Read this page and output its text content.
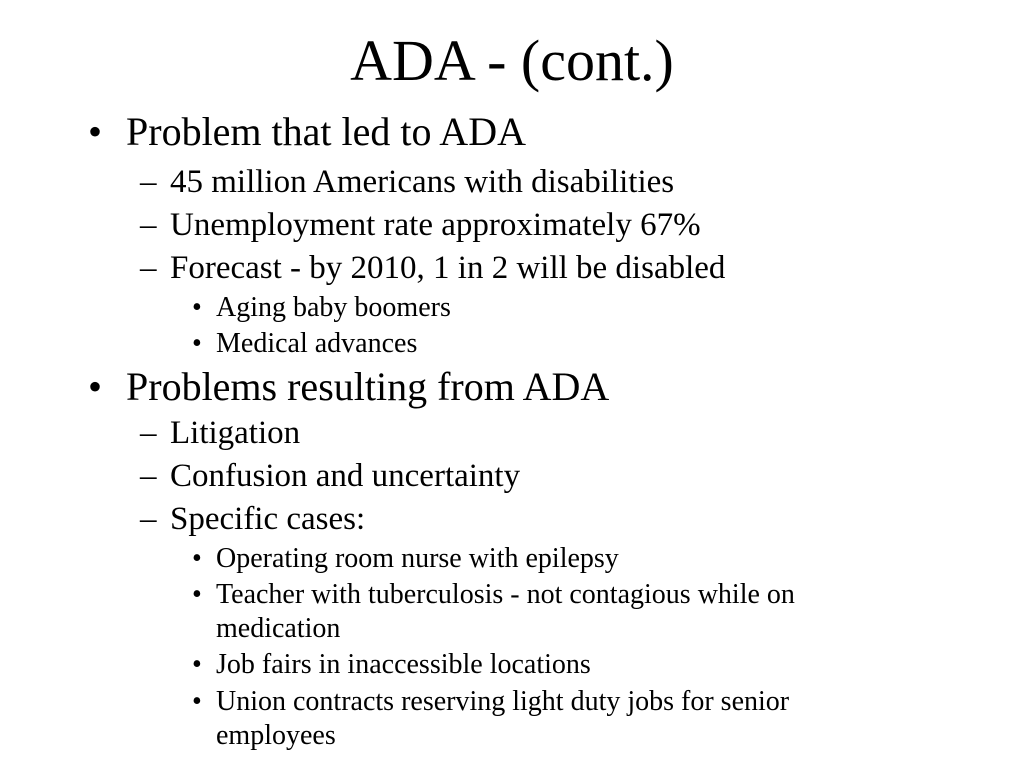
ADA - (cont.)
• Problem that led to ADA
– 45 million Americans with disabilities
– Unemployment rate approximately 67%
– Forecast - by 2010, 1 in 2 will be disabled
• Aging baby boomers
• Medical advances
• Problems resulting from ADA
– Litigation
– Confusion and uncertainty
– Specific cases:
• Operating room nurse with epilepsy
• Teacher with tuberculosis - not contagious while on
medication
• Job fairs in inaccessible locations
• Union contracts reserving light duty jobs for senior
employees
